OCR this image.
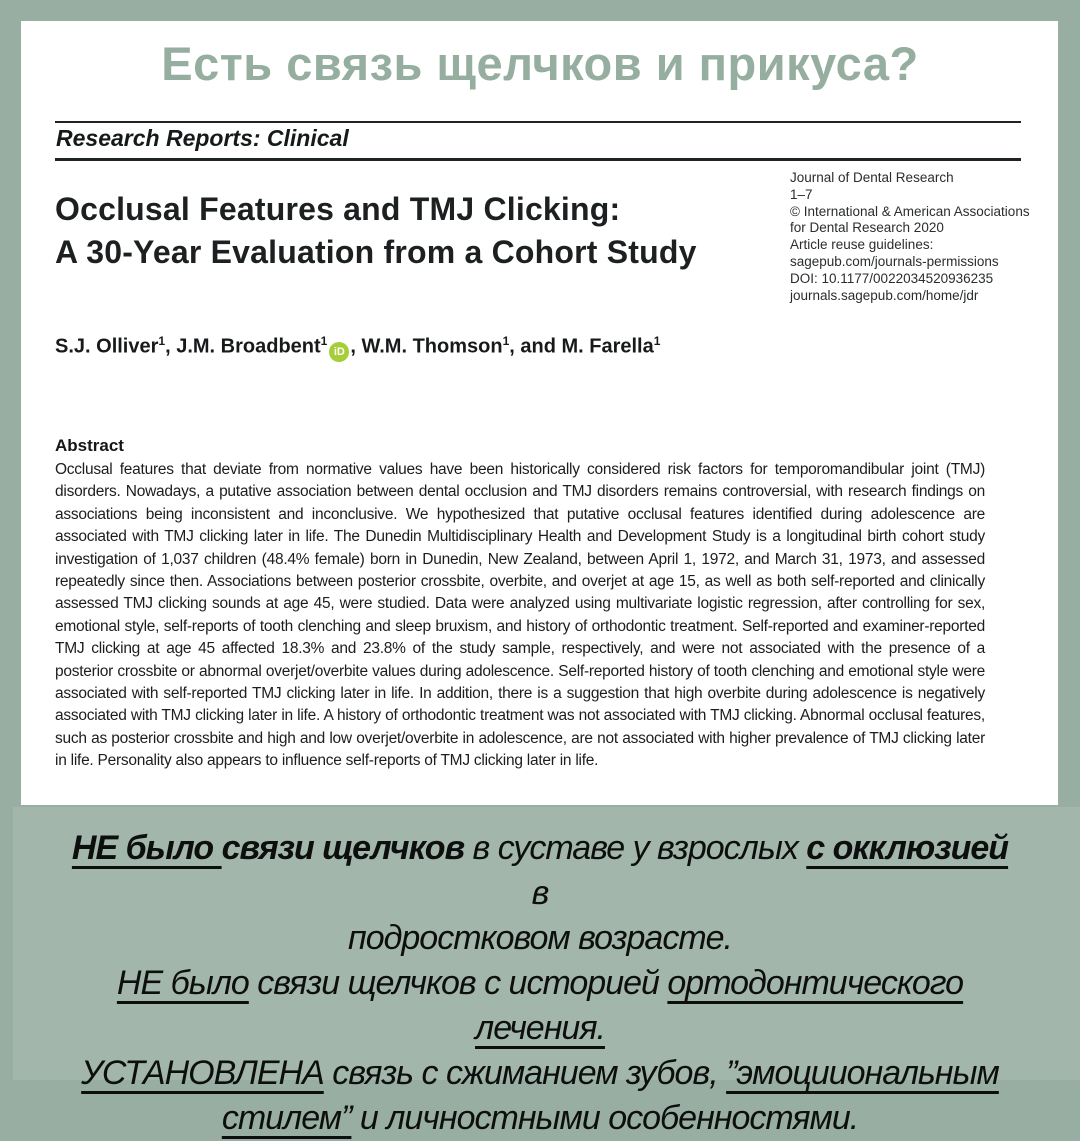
Есть связь щелчков и прикуса?
Research Reports: Clinical
Occlusal Features and TMJ Clicking:
A 30-Year Evaluation from a Cohort Study
Journal of Dental Research
1–7
© International & American Associations
for Dental Research 2020
Article reuse guidelines:
sagepub.com/journals-permissions
DOI: 10.1177/0022034520936235
journals.sagepub.com/home/jdr
S.J. Olliver$^1$, J.M. Broadbent$^1$iD , W.M. Thomson$^1$, and M. Farella$^1$
Abstract
Occlusal features that deviate from normative values have been historically considered risk factors for temporomandibular joint (TMJ) disorders. Nowadays, a putative association between dental occlusion and TMJ disorders remains controversial, with research findings on associations being inconsistent and inconclusive. We hypothesized that putative occlusal features identified during adolescence are associated with TMJ clicking later in life. The Dunedin Multidisciplinary Health and Development Study is a longitudinal birth cohort study investigation of 1,037 children (48.4% female) born in Dunedin, New Zealand, between April 1, 1972, and March 31, 1973, and assessed repeatedly since then. Associations between posterior crossbite, overbite, and overjet at age 15, as well as both self-reported and clinically assessed TMJ clicking sounds at age 45, were studied. Data were analyzed using multivariate logistic regression, after controlling for sex, emotional style, self-reports of tooth clenching and sleep bruxism, and history of orthodontic treatment. Self-reported and examiner-reported TMJ clicking at age 45 affected 18.3% and 23.8% of the study sample, respectively, and were not associated with the presence of a posterior crossbite or abnormal overjet/overbite values during adolescence. Self-reported history of tooth clenching and emotional style were associated with self-reported TMJ clicking later in life. In addition, there is a suggestion that high overbite during adolescence is negatively associated with TMJ clicking later in life. A history of orthodontic treatment was not associated with TMJ clicking. Abnormal occlusal features, such as posterior crossbite and high and low overjet/overbite in adolescence, are not associated with higher prevalence of TMJ clicking later in life. Personality also appears to influence self-reports of TMJ clicking later in life.

НЕ было связи щелчков в суставе у взрослых с окклюзией в
подростковом возрасте.

НЕ было связи щелчков с историей ортодонтического лечения.

УСТАНОВЛЕНА связь с сжиманием зубов, ”эмоцииональным
стилем” и личностными особенностями.
